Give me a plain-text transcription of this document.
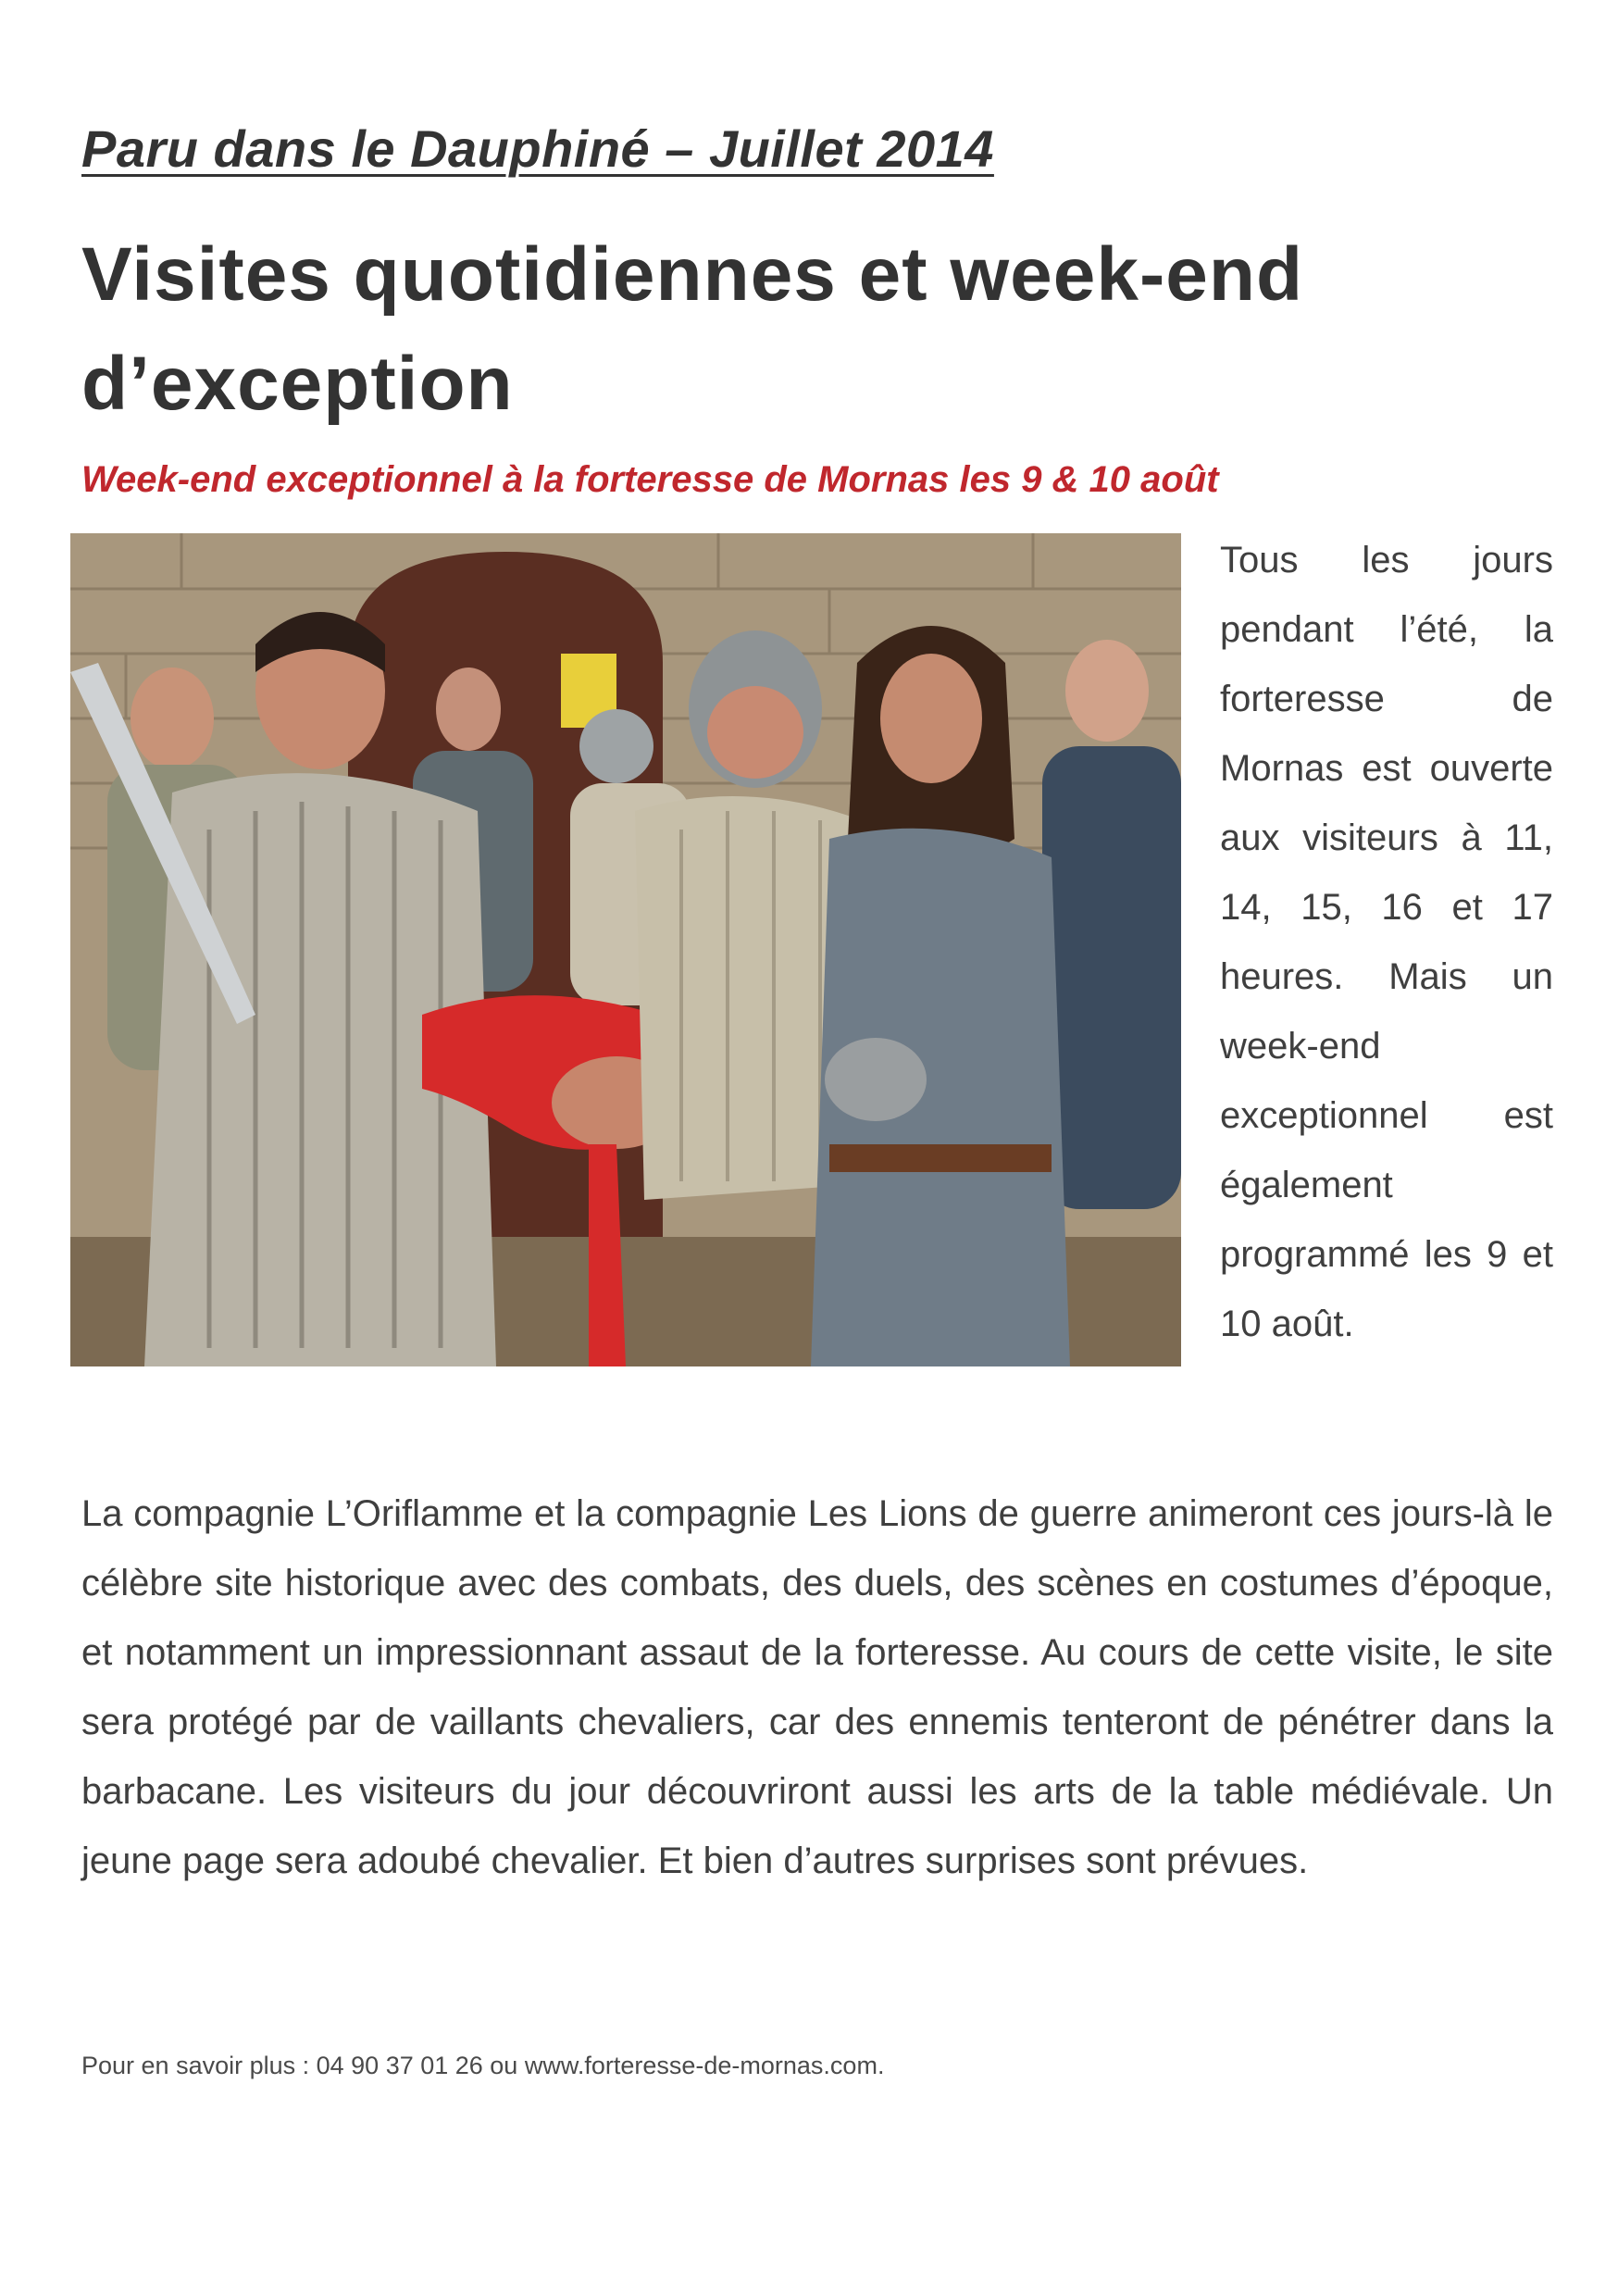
Paru dans le Dauphiné – Juillet 2014

Visites quotidiennes et week-end d’exception

Week-end exceptionnel à la forteresse de Mornas les 9 & 10 août

Tous les jours pendant l’été, la forteresse de Mornas est ouverte aux visiteurs à 11, 14, 15, 16 et 17 heures. Mais un week-end exceptionnel est également programmé les 9 et 10 août.

La compagnie L’Oriflamme et la compagnie Les Lions de guerre animeront ces jours-là le célèbre site historique avec des combats, des duels, des scènes en costumes d’époque, et notamment un impressionnant assaut de la forteresse. Au cours de cette visite, le site sera protégé par de vaillants chevaliers, car des ennemis tenteront de pénétrer dans la barbacane. Les visiteurs du jour découvriront aussi les arts de la table médiévale. Un jeune page sera adoubé chevalier. Et bien d’autres surprises sont prévues.

Pour en savoir plus : 04 90 37 01 26 ou www.forteresse-de-mornas.com.
